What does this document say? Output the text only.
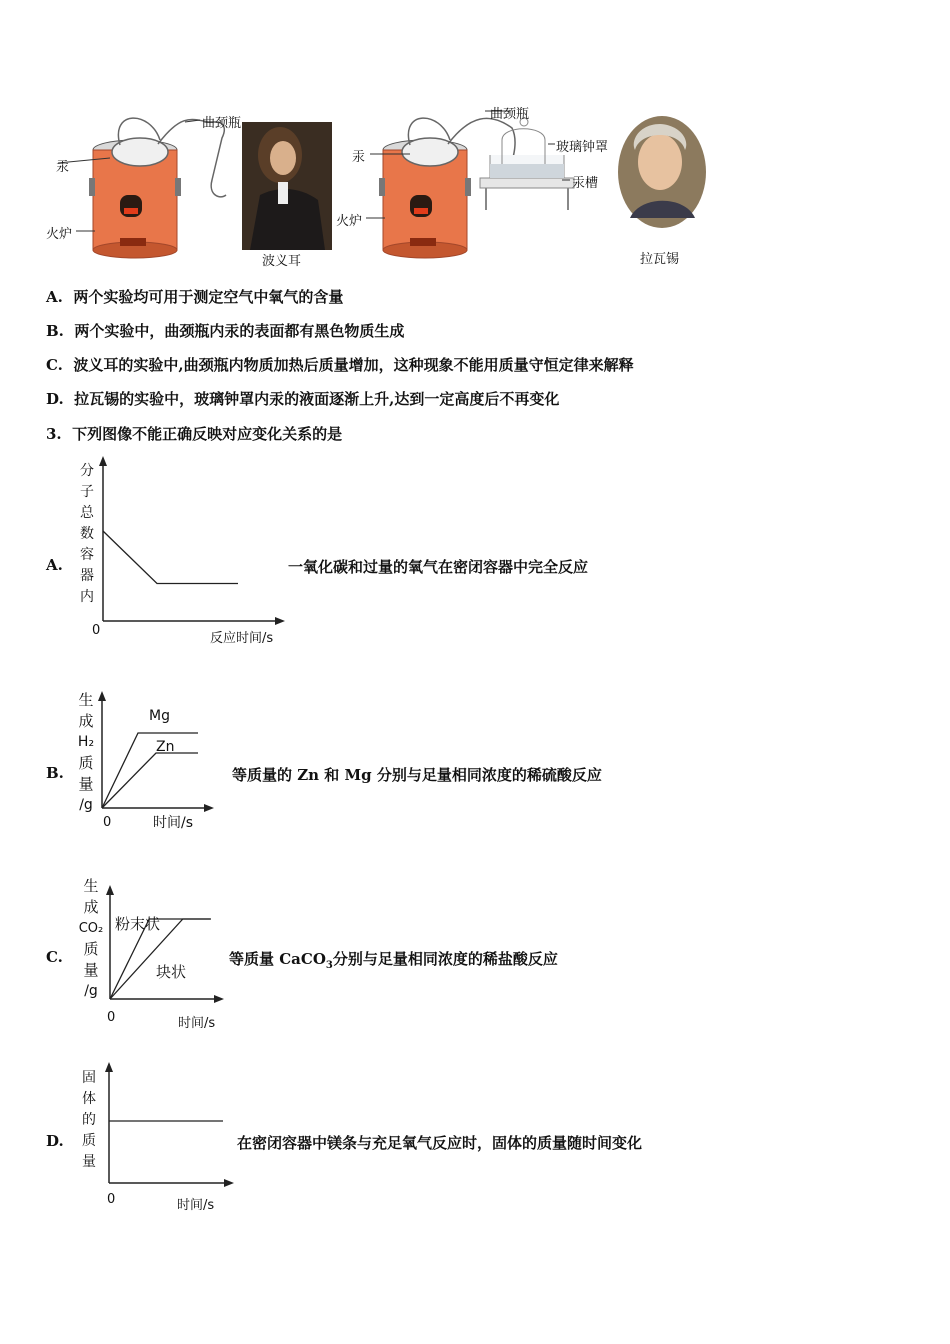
汞
曲颈瓶
火炉
波义耳
汞
曲颈瓶
玻璃钟罩
汞槽
火炉
拉瓦锡
A. 两个实验均可用于测定空气中氧气的含量
B. 两个实验中，曲颈瓶内汞的表面都有黑色物质生成
C. 波义耳的实验中,曲颈瓶内物质加热后质量增加，这种现象不能用质量守恒定律来解释
D. 拉瓦锡的实验中，玻璃钟罩内汞的液面逐渐上升,达到一定高度后不再变化
3. 下列图像不能正确反映对应变化关系的是
A.
分子总数容器内
0
反应时间/s
一氧化碳和过量的氧气在密闭容器中完全反应
B.
生成
H₂
质量
/g
Mg
Zn
0	时间/s
等质量的 Zn 和 Mg 分别与足量相同浓度的稀硫酸反应
C.
生成
CO₂
质量
/g
粉末状
块状
0	时间/s
等质量 CaCO$_3$分别与足量相同浓度的稀盐酸反应
D.
固体的质量
0	时间/s
在密闭容器中镁条与充足氧气反应时，固体的质量随时间变化
